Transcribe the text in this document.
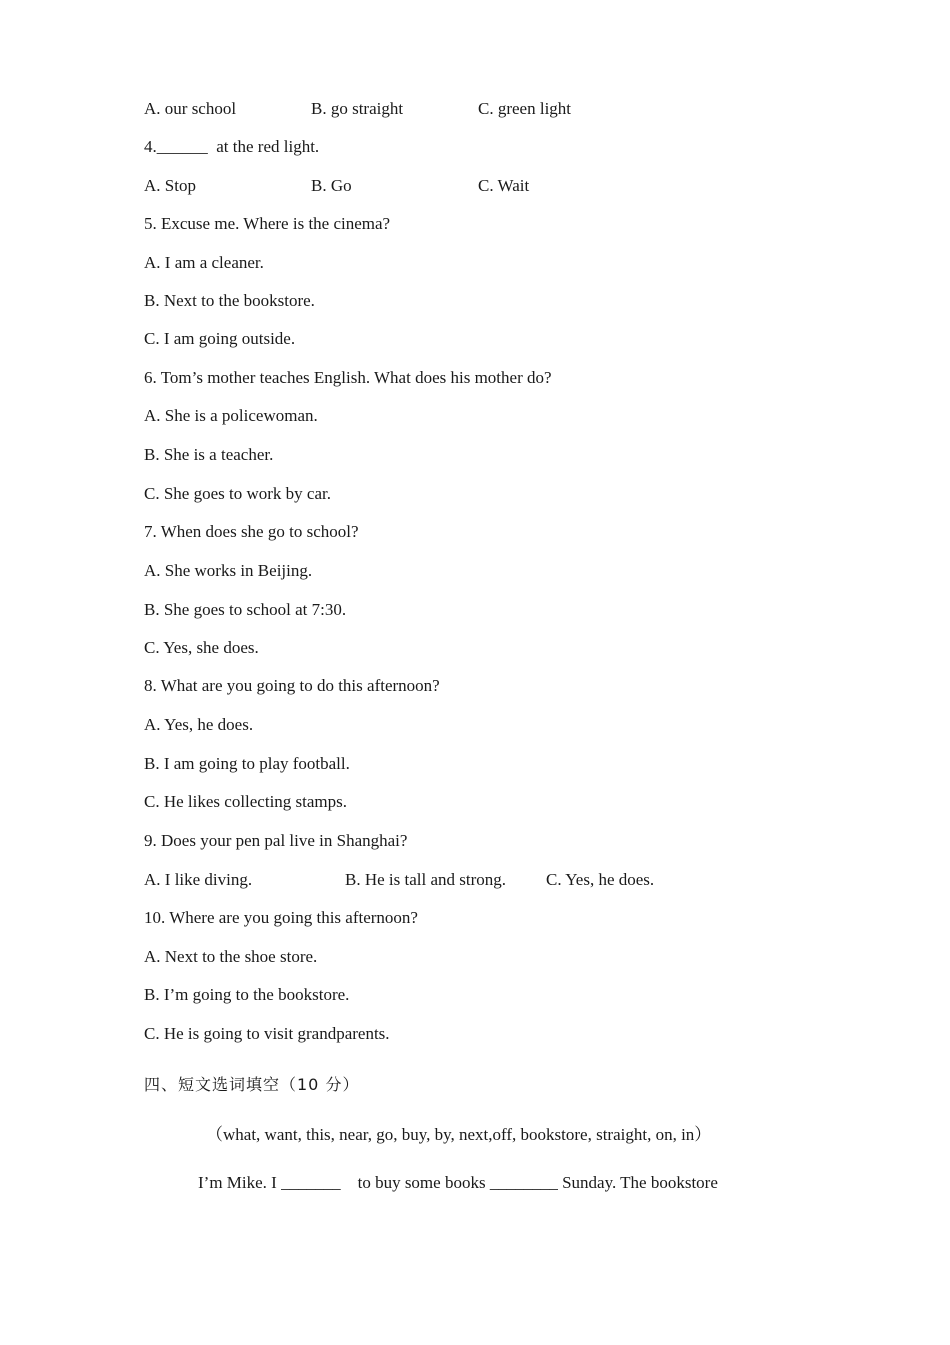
A. our school	B. go straight	C. green light
4.______  at the red light.
A. Stop	B. Go	C. Wait
5. Excuse me. Where is the cinema?
A. I am a cleaner.
B. Next to the bookstore.
C. I am going outside.
6. Tom’s mother teaches English. What does his mother do?
A. She is a policewoman.
B. She is a teacher.
C. She goes to work by car.
7. When does she go to school?
A. She works in Beijing.
B. She goes to school at 7:30.
C. Yes, she does.
8. What are you going to do this afternoon?
A. Yes, he does.
B. I am going to play football.
C. He likes collecting stamps.
9. Does your pen pal live in Shanghai?
A. I like diving.	B. He is tall and strong. C. Yes, he does.
10. Where are you going this afternoon?
A. Next to the shoe store.
B. I’m going to the bookstore.
C. He is going to visit grandparents.
四、短文选词填空（10 分）
（what, want, this, near, go, buy, by, next,off, bookstore, straight, on, in）
I’m Mike. I _______    to buy some books ________ Sunday. The bookstore
